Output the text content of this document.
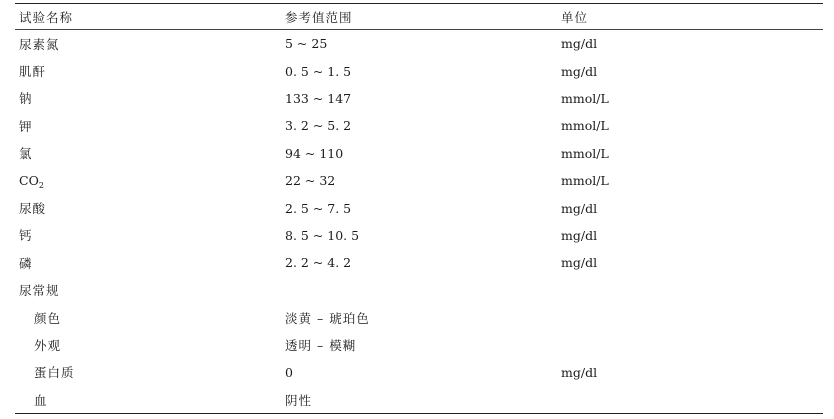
试验名称	参考值范围	单位
尿素氮	5 ~ 25	mg/dl
肌酐	0. 5 ~ 1. 5	mg/dl
钠	133 ~ 147	mmol/L
钾	3. 2 ~ 5. 2	mmol/L
氯	94 ~ 110	mmol/L
$CO_2$	22 ~ 32	mmol/L
尿酸	2. 5 ~ 7. 5	mg/dl
钙	8. 5 ~ 10. 5	mg/dl
磷	2. 2 ~ 4. 2	mg/dl
尿常规		
颜色	淡黄 – 琥珀色	
外观	透明 – 模糊	
蛋白质	0	mg/dl
血	阴性	
